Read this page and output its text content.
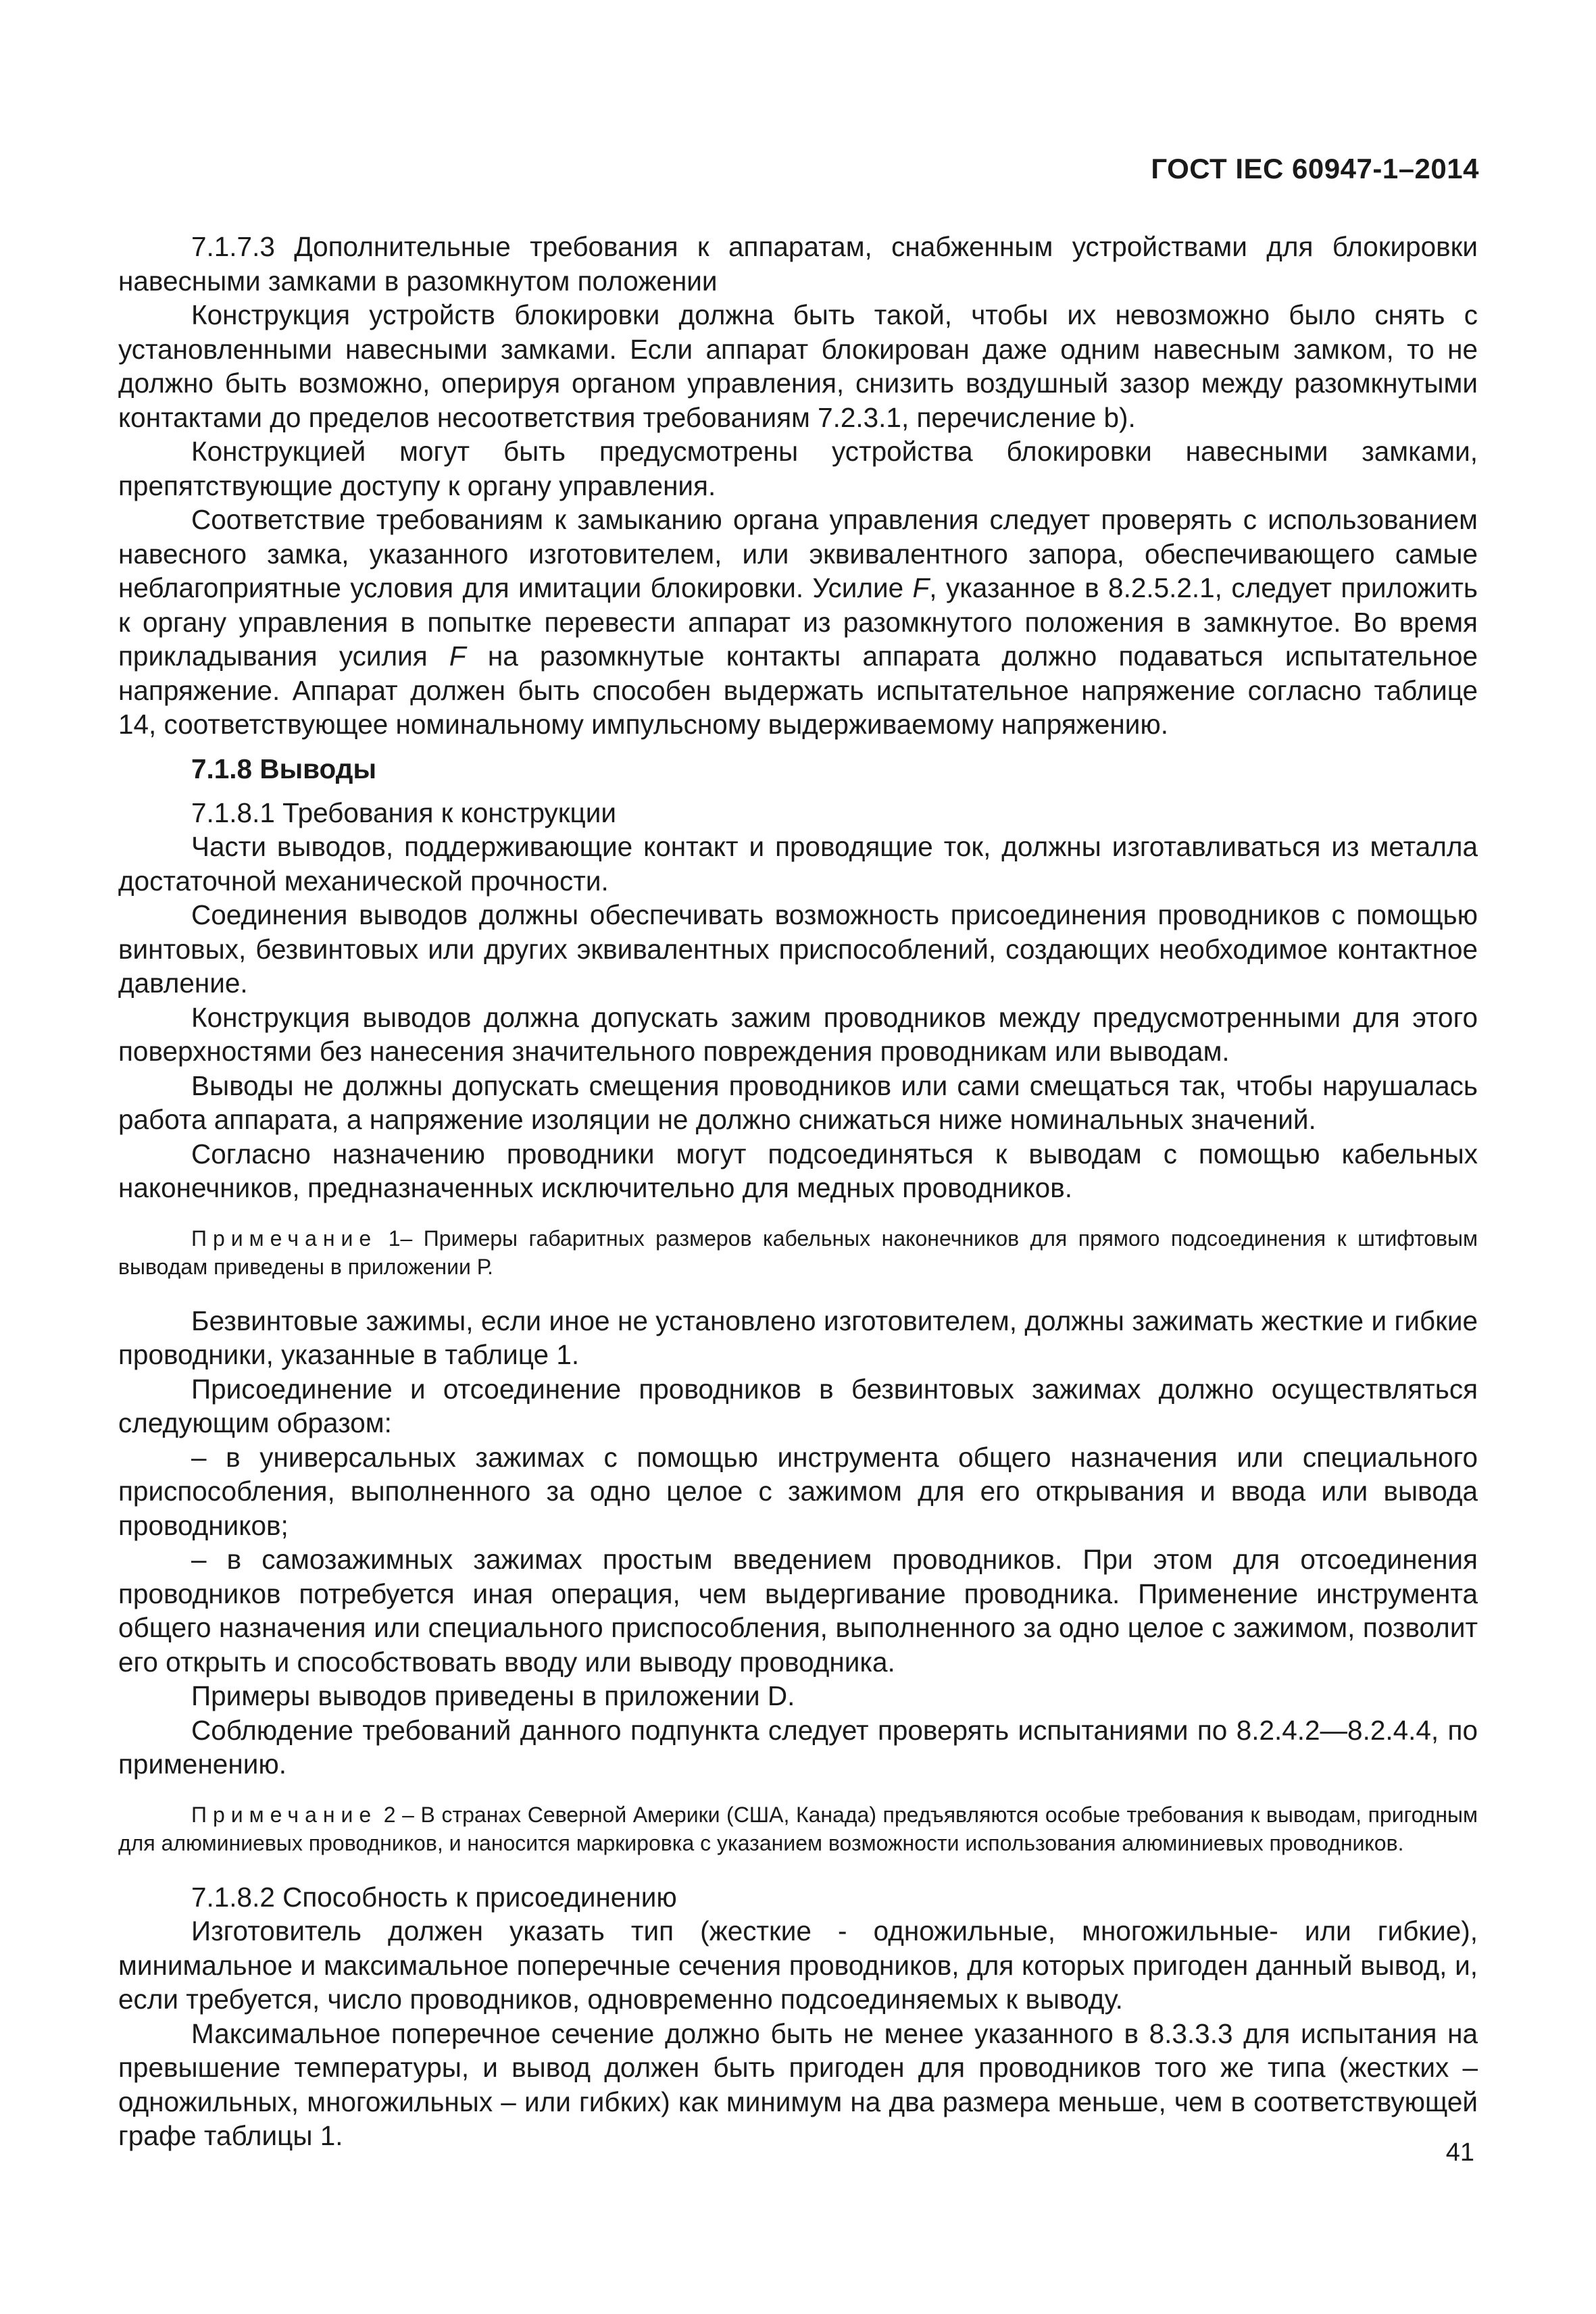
ГОСТ IEC 60947-1–2014

7.1.7.3 Дополнительные требования к аппаратам, снабженным устройствами для блокировки навесными замками в разомкнутом положении

Конструкция устройств блокировки должна быть такой, чтобы их невозможно было снять с установленными навесными замками. Если аппарат блокирован даже одним навесным замком, то не должно быть возможно, оперируя органом управления, снизить воздушный зазор между разомкнутыми контактами до пределов несоответствия требованиям 7.2.3.1, перечисление b).

Конструкцией могут быть предусмотрены устройства блокировки навесными замками, препятствующие доступу к органу управления.

Соответствие требованиям к замыканию органа управления следует проверять с использованием навесного замка, указанного изготовителем, или эквивалентного запора, обеспечивающего самые неблагоприятные условия для имитации блокировки. Усилие F, указанное в 8.2.5.2.1, следует приложить к органу управления в попытке перевести аппарат из разомкнутого положения в замкнутое. Во время прикладывания усилия F на разомкнутые контакты аппарата должно подаваться испытательное напряжение. Аппарат должен быть способен выдержать испытательное напряжение согласно таблице 14, соответствующее номинальному импульсному выдерживаемому напряжению.

7.1.8 Выводы

7.1.8.1 Требования к конструкции

Части выводов, поддерживающие контакт и проводящие ток, должны изготавливаться из металла достаточной механической прочности.

Соединения выводов должны обеспечивать возможность присоединения проводников с помощью винтовых, безвинтовых или других эквивалентных приспособлений, создающих необходимое контактное давление.

Конструкция выводов должна допускать зажим проводников между предусмотренными для этого поверхностями без нанесения значительного повреждения проводникам или выводам.

Выводы не должны допускать смещения проводников или сами смещаться так, чтобы нарушалась работа аппарата, а напряжение изоляции не должно снижаться ниже номинальных значений.

Согласно назначению проводники могут подсоединяться к выводам с помощью кабельных наконечников, предназначенных исключительно для медных проводников.

Примечание 1– Примеры габаритных размеров кабельных наконечников для прямого подсоединения к штифтовым выводам приведены в приложении Р.

Безвинтовые зажимы, если иное не установлено изготовителем, должны зажимать жесткие и гибкие проводники, указанные в таблице 1.

Присоединение и отсоединение проводников в безвинтовых зажимах должно осуществляться следующим образом:

– в универсальных зажимах с помощью инструмента общего назначения или специального приспособления, выполненного за одно целое с зажимом для его открывания и ввода или вывода проводников;

– в самозажимных зажимах простым введением проводников. При этом для отсоединения проводников потребуется иная операция, чем выдергивание проводника. Применение инструмента общего назначения или специального приспособления, выполненного за одно целое с зажимом, позволит его открыть и способствовать вводу или выводу проводника.

Примеры выводов приведены в приложении D.

Соблюдение требований данного подпункта следует проверять испытаниями по 8.2.4.2—8.2.4.4, по применению.

Примечание 2 – В странах Северной Америки (США, Канада) предъявляются особые требования к выводам, пригодным для алюминиевых проводников, и наносится маркировка с указанием возможности использования алюминиевых проводников.

7.1.8.2 Способность к присоединению

Изготовитель должен указать тип (жесткие - одножильные, многожильные- или гибкие), минимальное и максимальное поперечные сечения проводников, для которых пригоден данный вывод, и, если требуется, число проводников, одновременно подсоединяемых к выводу.

Максимальное поперечное сечение должно быть не менее указанного в 8.3.3.3 для испытания на превышение температуры, и вывод должен быть пригоден для проводников того же типа (жестких – одножильных, многожильных – или гибких) как минимум на два размера меньше, чем в соответствующей графе таблицы 1.

41
